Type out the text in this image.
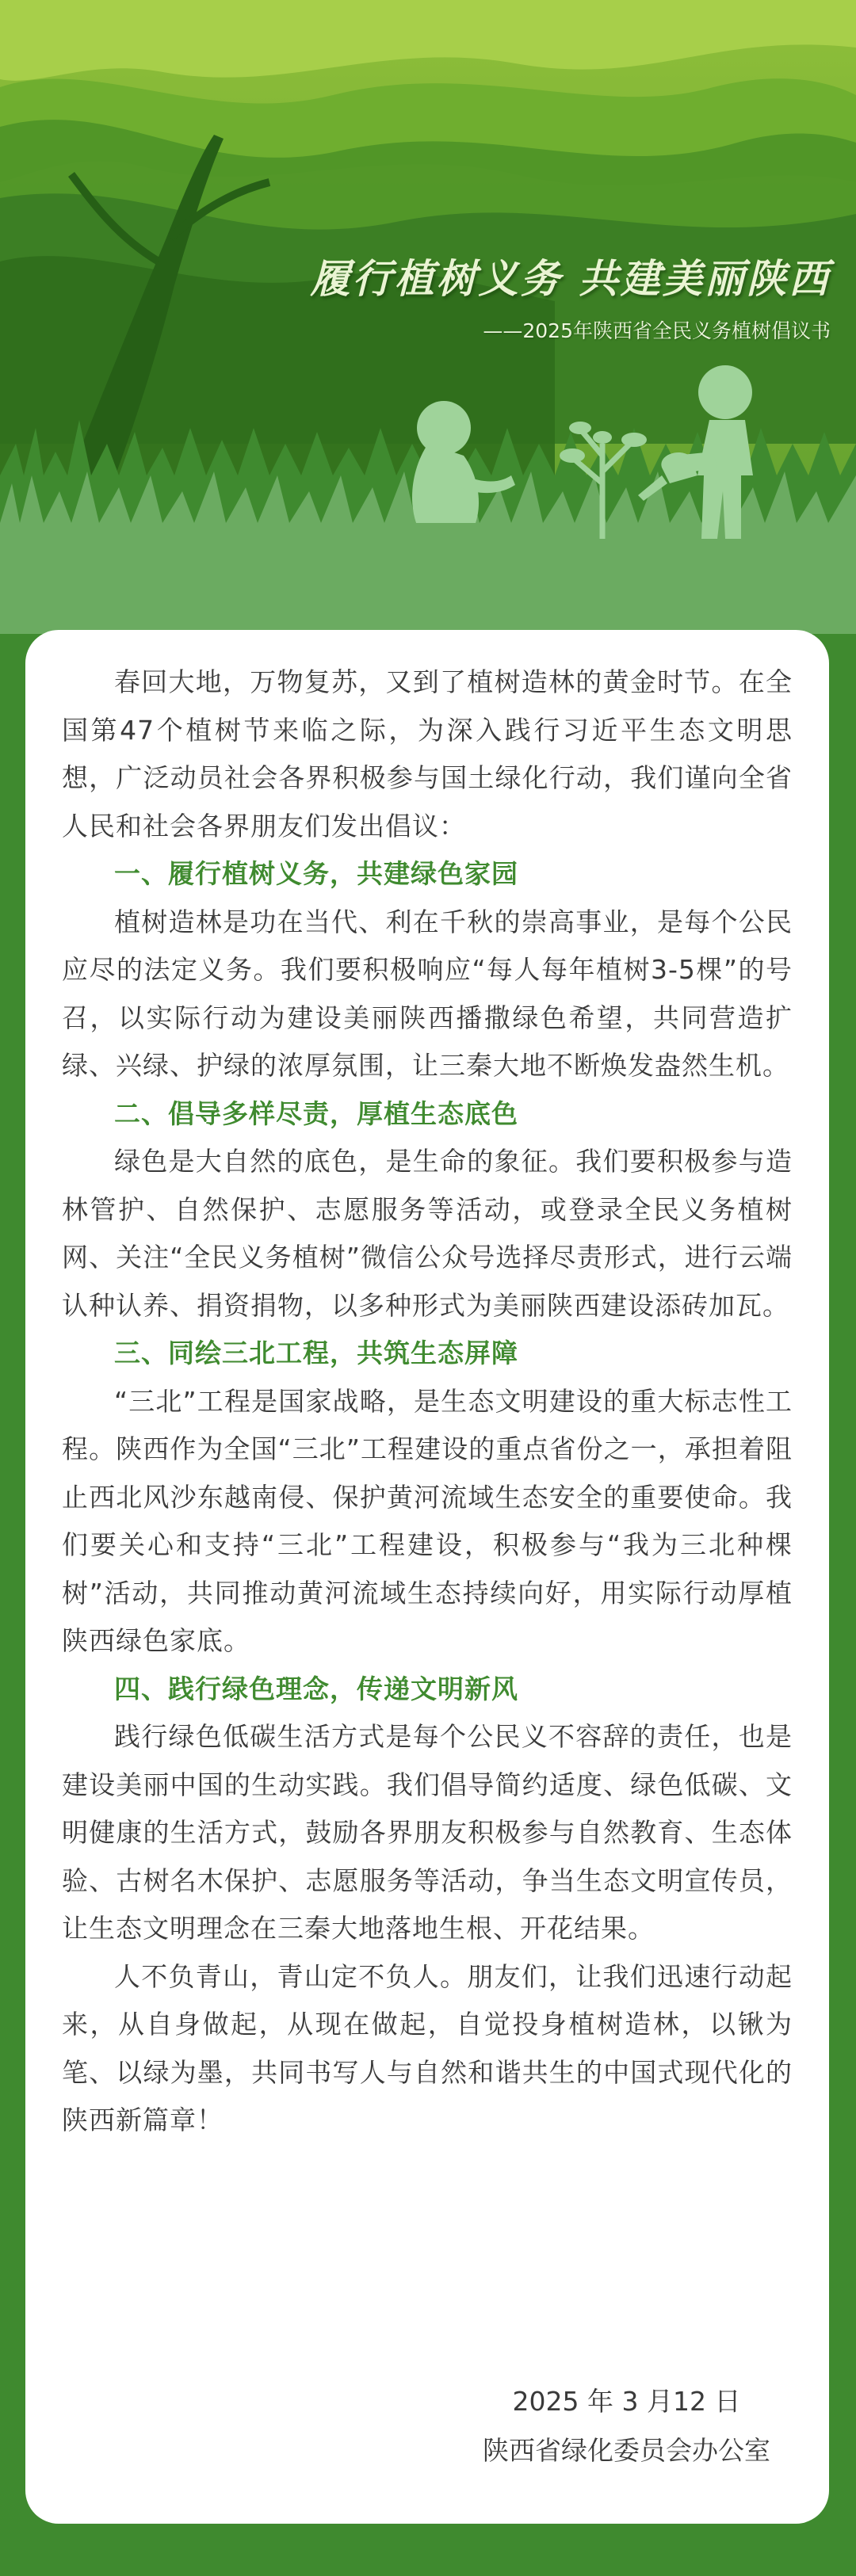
履行植树义务 共建美丽陕西
——2025年陕西省全民义务植树倡议书

春回大地，万物复苏，又到了植树造林的黄金时节。在全国第47个植树节来临之际，为深入践行习近平生态文明思想，广泛动员社会各界积极参与国土绿化行动，我们谨向全省人民和社会各界朋友们发出倡议：

一、履行植树义务，共建绿色家园

植树造林是功在当代、利在千秋的崇高事业，是每个公民应尽的法定义务。我们要积极响应“每人每年植树3-5棵”的号召，以实际行动为建设美丽陕西播撒绿色希望，共同营造扩绿、兴绿、护绿的浓厚氛围，让三秦大地不断焕发盎然生机。

二、倡导多样尽责，厚植生态底色

绿色是大自然的底色，是生命的象征。我们要积极参与造林管护、自然保护、志愿服务等活动，或登录全民义务植树网、关注“全民义务植树”微信公众号选择尽责形式，进行云端认种认养、捐资捐物，以多种形式为美丽陕西建设添砖加瓦。

三、同绘三北工程，共筑生态屏障

“三北”工程是国家战略，是生态文明建设的重大标志性工程。陕西作为全国“三北”工程建设的重点省份之一，承担着阻止西北风沙东越南侵、保护黄河流域生态安全的重要使命。我们要关心和支持“三北”工程建设，积极参与“我为三北种棵树”活动，共同推动黄河流域生态持续向好，用实际行动厚植陕西绿色家底。

四、践行绿色理念，传递文明新风

践行绿色低碳生活方式是每个公民义不容辞的责任，也是建设美丽中国的生动实践。我们倡导简约适度、绿色低碳、文明健康的生活方式，鼓励各界朋友积极参与自然教育、生态体验、古树名木保护、志愿服务等活动，争当生态文明宣传员，让生态文明理念在三秦大地落地生根、开花结果。

人不负青山，青山定不负人。朋友们，让我们迅速行动起来，从自身做起，从现在做起，自觉投身植树造林，以锹为笔、以绿为墨，共同书写人与自然和谐共生的中国式现代化的陕西新篇章！

2025 年 3 月12 日
陕西省绿化委员会办公室
